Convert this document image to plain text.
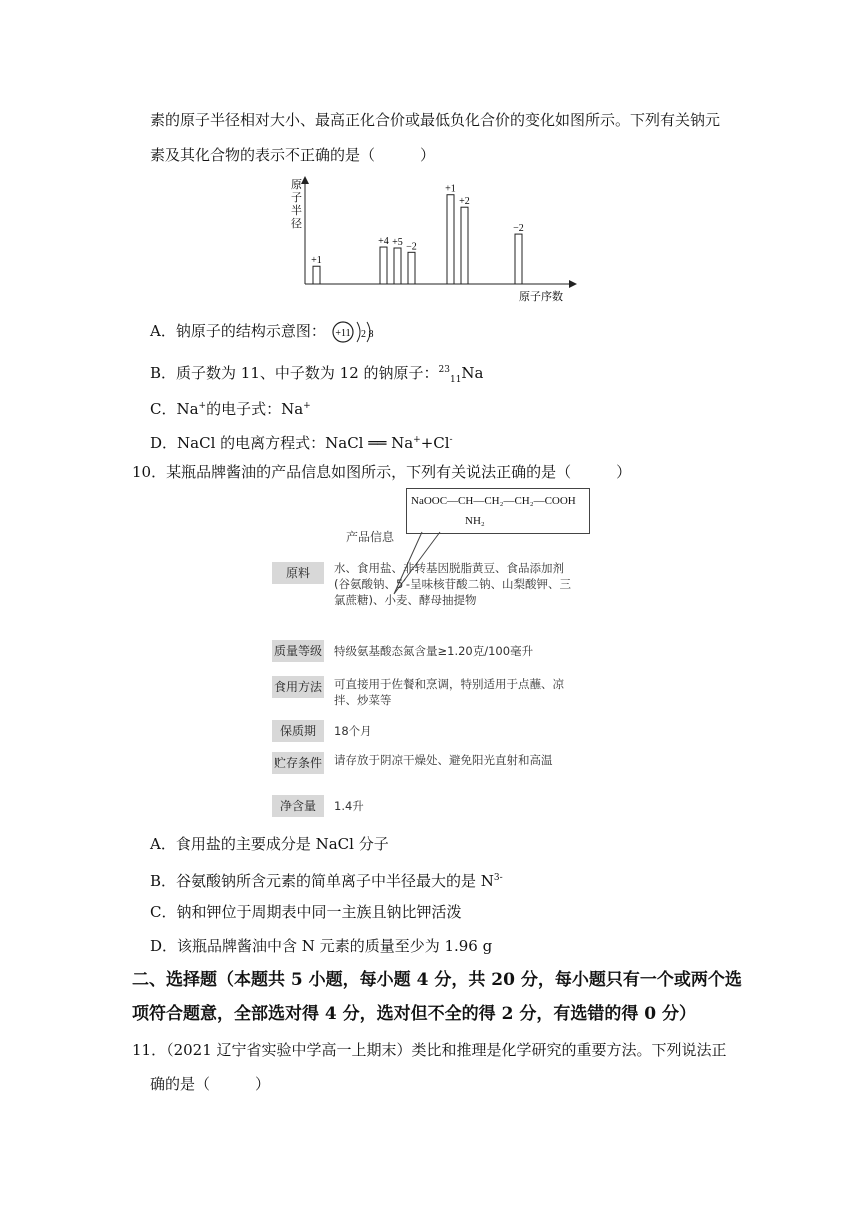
素的原子半径相对大小、最高正化合价或最低负化合价的变化如图所示。下列有关钠元
素及其化合物的表示不正确的是（　　　）
原
子
半
径
原子序数
+1
+4 +5 −2
+1
+2
−2
A．钠原子的结构示意图： +11 2 8
B．质子数为 11、中子数为 12 的钠原子：$^{23}_{11}$Na
C．Na+的电子式：Na+
D．NaCl 的电离方程式：NaCl ══ Na++Cl-
10．某瓶品牌酱油的产品信息如图所示，下列有关说法正确的是（　　　）
NaOOC—CH—CH₂—CH₂—COOH
NH₂
产品信息
原料	水、食用盐、非转基因脱脂黄豆、食品添加剂(谷氨酸钠、5′-呈味核苷酸二钠、山梨酸钾、三氯蔗糖)、小麦、酵母抽提物
质量等级 特级氨基酸态氮含量≥1.20克/100毫升
食用方法 可直接用于佐餐和烹调，特别适用于点蘸、凉拌、炒菜等
保质期	18个月
贮存条件 请存放于阴凉干燥处、避免阳光直射和高温
净含量	1.4升
A．食用盐的主要成分是 NaCl 分子
B．谷氨酸钠所含元素的简单离子中半径最大的是 $N^{3-}$
C．钠和钾位于周期表中同一主族且钠比钾活泼
D．该瓶品牌酱油中含 N 元素的质量至少为 1.96 g
二、选择题（本题共 5 小题，每小题 4 分，共 20 分，每小题只有一个或两个选
项符合题意，全部选对得 4 分，选对但不全的得 2 分，有选错的得 0 分）
11．（2021 辽宁省实验中学高一上期末）类比和推理是化学研究的重要方法。下列说法正
确的是（　　　）
